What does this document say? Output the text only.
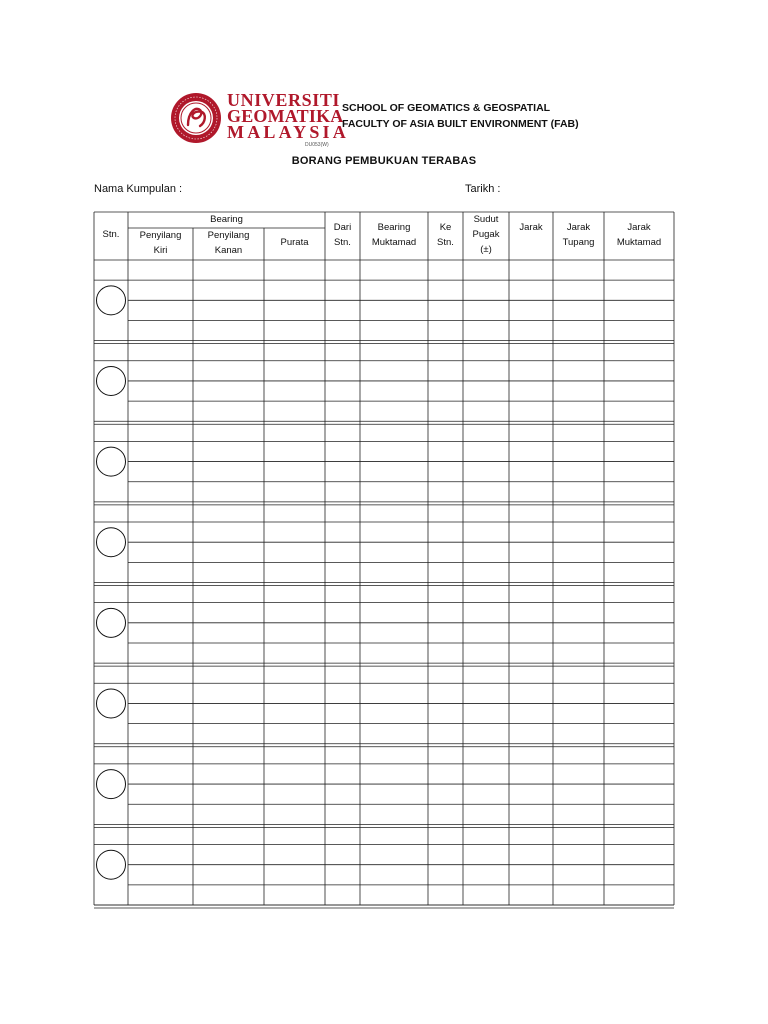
UNIVERSITI
GEOMATIKA
MALAYSIA
DU053(W)
SCHOOL OF GEOMATICS & GEOSPATIAL
FACULTY OF ASIA BUILT ENVIRONMENT (FAB)
BORANG PEMBUKUAN TERABAS
Nama Kumpulan :	Tarikh :
Stn.
Bearing
Penyilang
Kiri
Penyilang
Kanan
Purata
Dari
Stn.
Bearing
Muktamad
Ke
Stn.
Sudut
Pugak
(±)
Jarak	Jarak
Tupang
Jarak
Muktamad
